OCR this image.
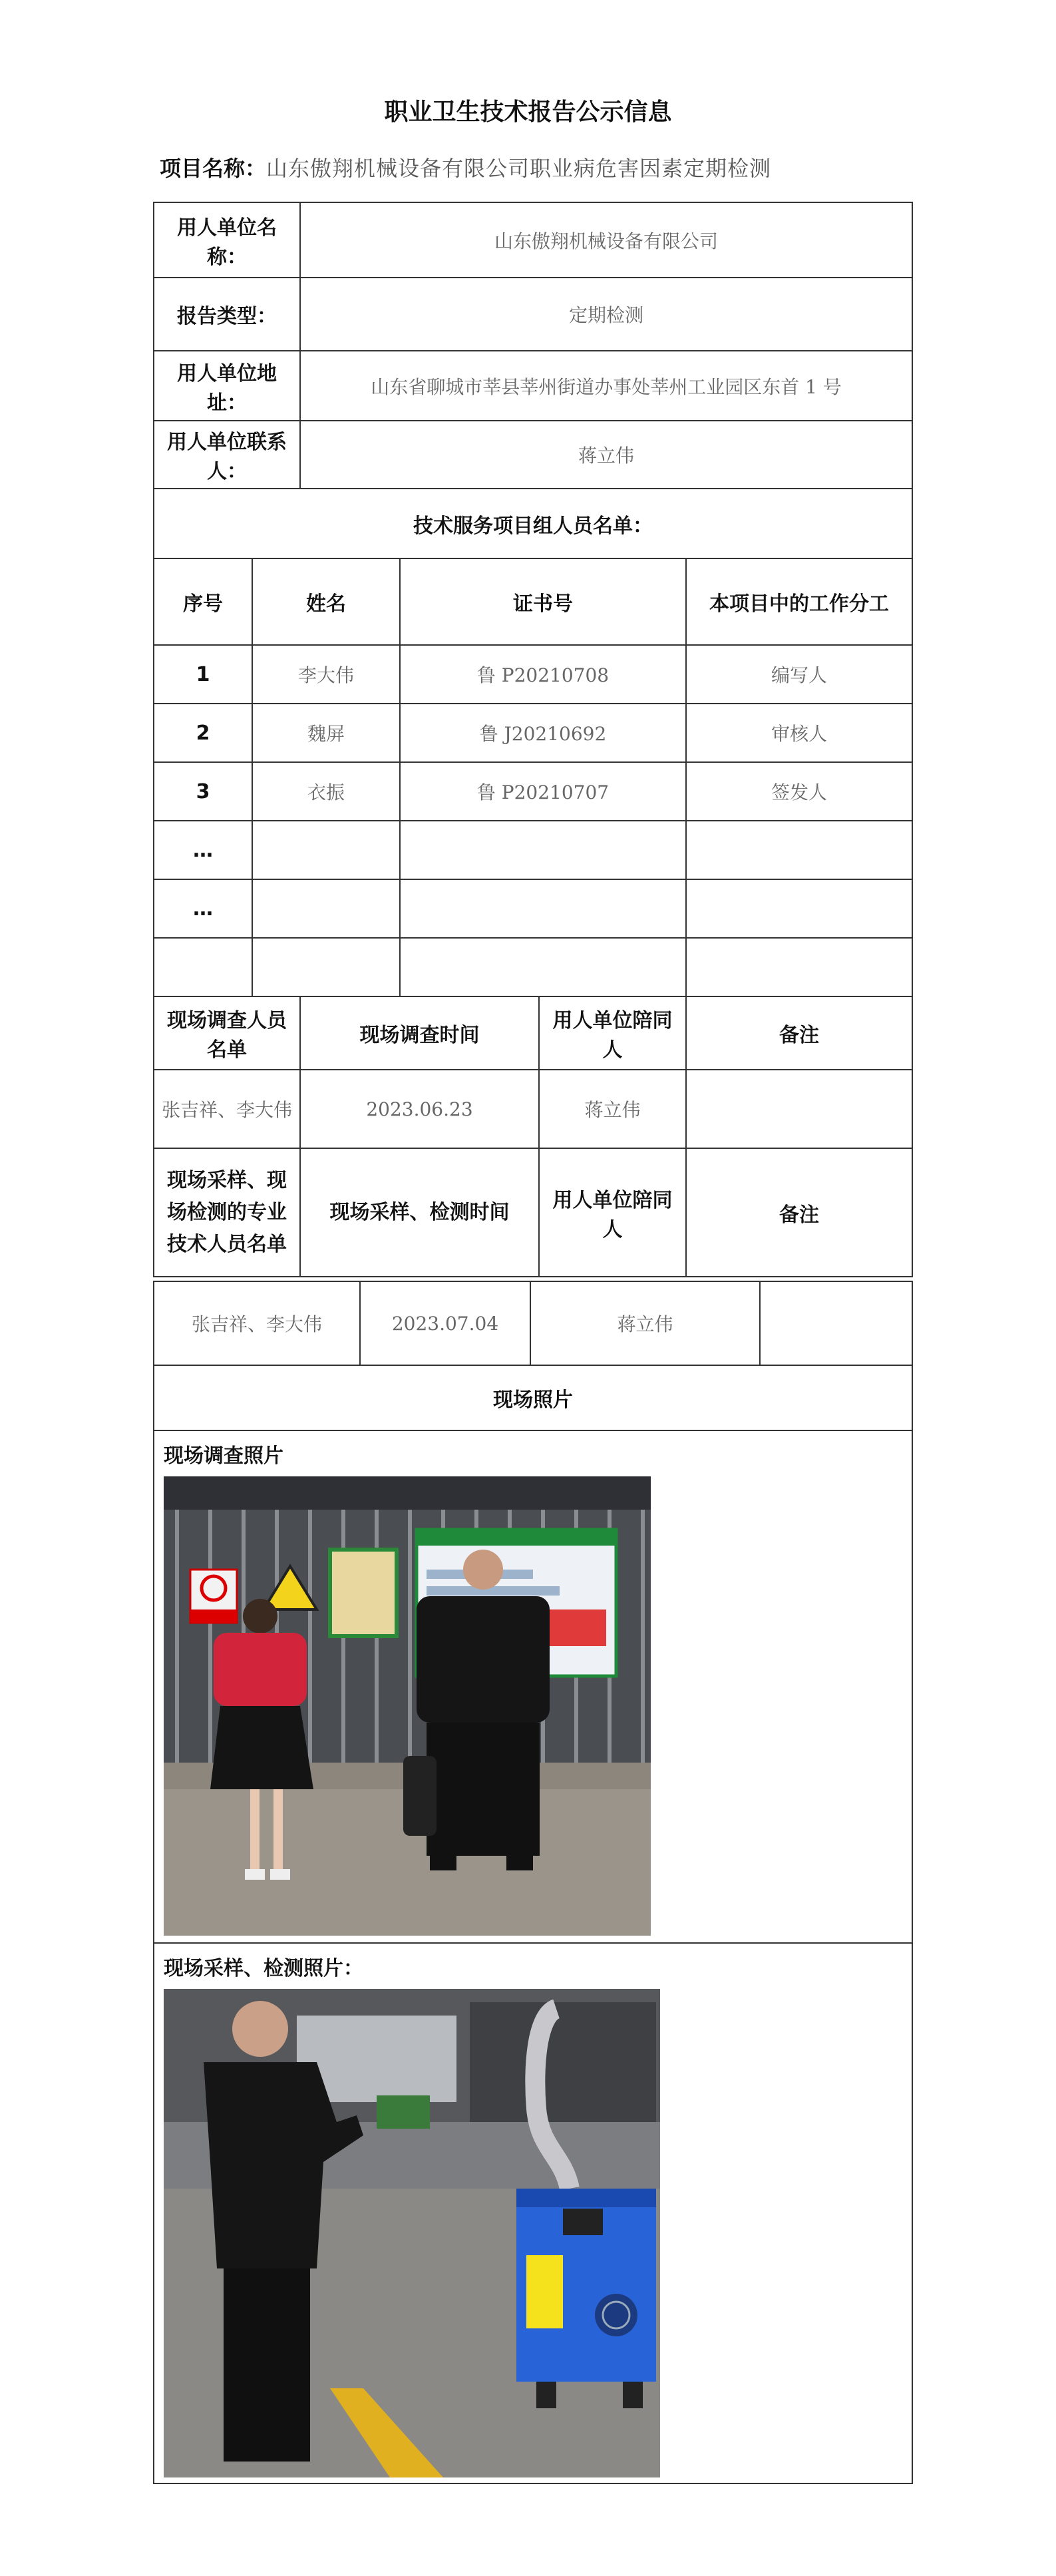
职业卫生技术报告公示信息
项目名称：山东傲翔机械设备有限公司职业病危害因素定期检测
用人单位名称：		山东傲翔机械设备有限公司			
报告类型：		定期检测			
用人单位地址：		山东省聊城市莘县莘州街道办事处莘州工业园区东首 1 号			
用人单位联系人：		蒋立伟			
技术服务项目组人员名单：					
序号	姓名		证书号		本项目中的工作分工
1	李大伟		鲁 P20210708		编写人
2	魏屏		鲁 J20210692		审核人
3	衣振		鲁 P20210707		签发人
…					
…					

现场调查人员名单		现场调查时间		用人单位陪同人	备注
张吉祥、李大伟		2023.06.23		蒋立伟	
现场采样、现场检测的专业技术人员名单		现场采样、检测时间		用人单位陪同人	备注
张吉祥、李大伟	2023.07.04	蒋立伟	
现场照片

现场调查照片

现场采样、检测照片：
